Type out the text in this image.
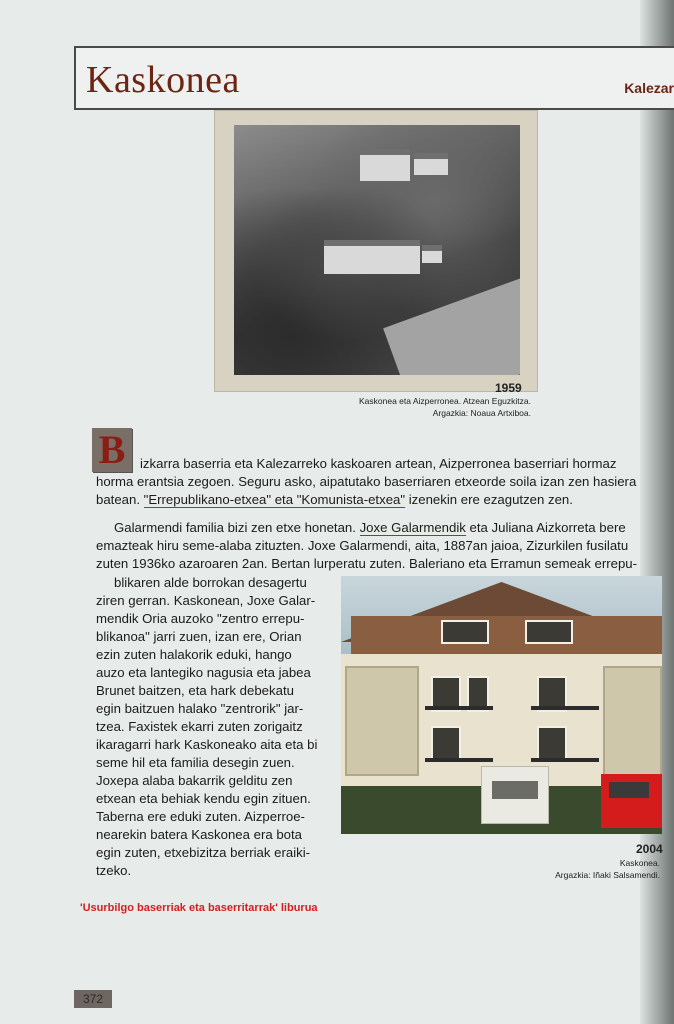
Kaskonea	Kalezar
1959
Kaskonea eta Aizperronea. Atzean Eguzkitza.
Argazkia: Noaua Artxiboa.
B	izkarra baserria eta Kalezarreko kaskoaren artean, Aizperronea baserriari hormaz
horma erantsia zegoen. Seguru asko, aipatutako baserriaren etxeorde soila izan zen hasiera
batean. "Errepublikano-etxea" eta "Komunista-etxea" izenekin ere ezagutzen zen.
Galarmendi familia bizi zen etxe honetan. Joxe Galarmendik eta Juliana Aizkorreta bere
emazteak hiru seme-alaba zituzten. Joxe Galarmendi, aita, 1887an jaioa, Zizurkilen fusilatu
zuten 1936ko azaroaren 2an. Bertan lurperatu zuten. Baleriano eta Erramun semeak errepu-
blikaren alde borrokan desagertu
ziren gerran. Kaskonean, Joxe Galar-
mendik Oria auzoko "zentro errepu-
blikanoa" jarri zuen, izan ere, Orian
ezin zuten halakorik eduki, hango
auzo eta lantegiko nagusia eta jabea
Brunet baitzen, eta hark debekatu
egin baitzuen halako "zentrorik" jar-
tzea. Faxistek ekarri zuten zorigaitz
ikaragarri hark Kaskoneako aita eta bi
seme hil eta familia desegin zuen.
Joxepa alaba bakarrik gelditu zen
etxean eta behiak kendu egin zituen.
Taberna ere eduki zuten. Aizperroe-
nearekin batera Kaskonea era bota
egin zuten, etxebizitza berriak eraiki-
tzeko.
2004
Kaskonea.
Argazkia: Iñaki Salsamendi.
'Usurbilgo baserriak eta baserritarrak' liburua
372
